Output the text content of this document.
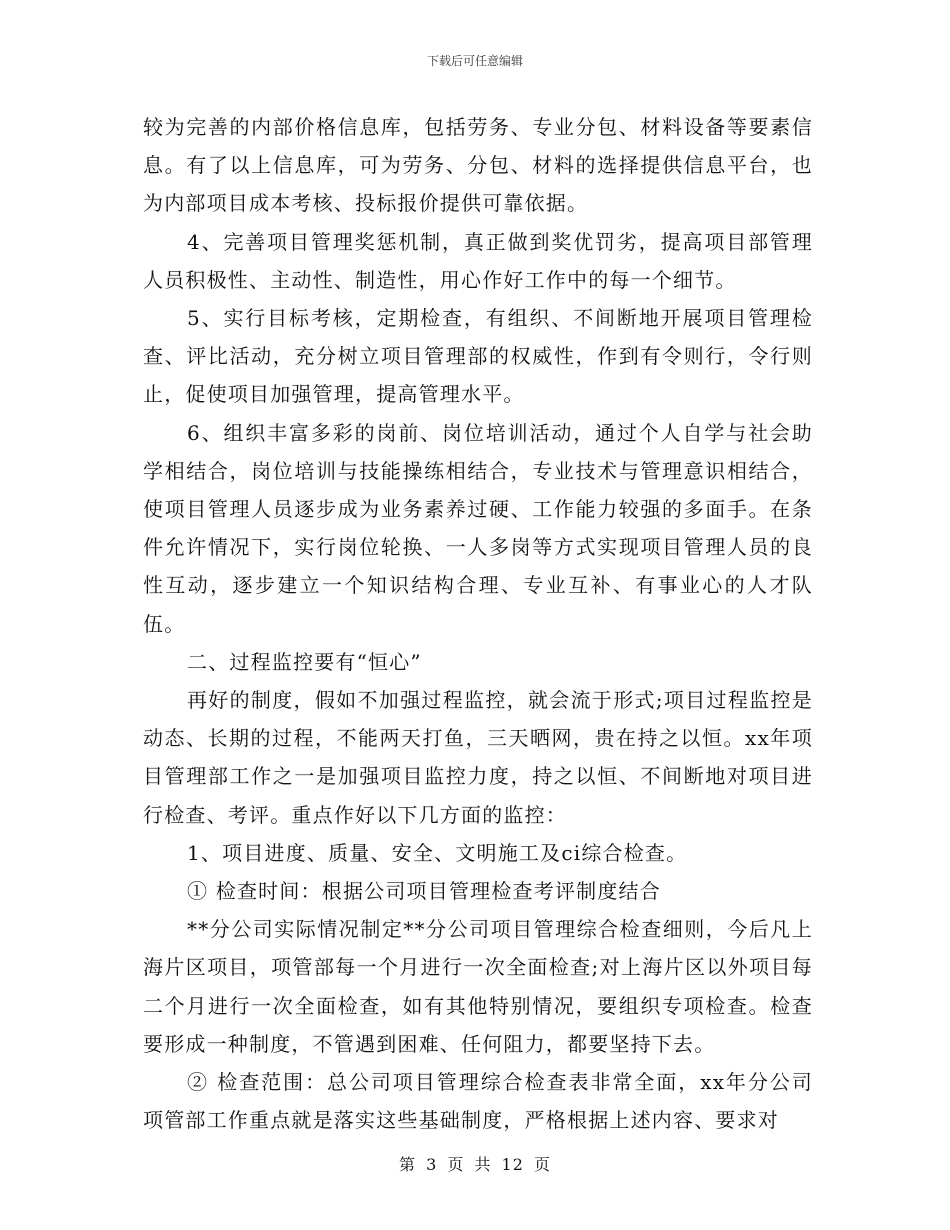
下载后可任意编辑

较为完善的内部价格信息库，包括劳务、专业分包、材料设备等要素信息。有了以上信息库，可为劳务、分包、材料的选择提供信息平台，也为内部项目成本考核、投标报价提供可靠依据。

4、完善项目管理奖惩机制，真正做到奖优罚劣，提高项目部管理人员积极性、主动性、制造性，用心作好工作中的每一个细节。

5、实行目标考核，定期检查，有组织、不间断地开展项目管理检查、评比活动，充分树立项目管理部的权威性，作到有令则行，令行则止，促使项目加强管理，提高管理水平。

6、组织丰富多彩的岗前、岗位培训活动，通过个人自学与社会助学相结合，岗位培训与技能操练相结合，专业技术与管理意识相结合，使项目管理人员逐步成为业务素养过硬、工作能力较强的多面手。在条件允许情况下，实行岗位轮换、一人多岗等方式实现项目管理人员的良性互动，逐步建立一个知识结构合理、专业互补、有事业心的人才队伍。

二、过程监控要有“恒心”

再好的制度，假如不加强过程监控，就会流于形式;项目过程监控是动态、长期的过程，不能两天打鱼，三天晒网，贵在持之以恒。xx年项目管理部工作之一是加强项目监控力度，持之以恒、不间断地对项目进行检查、考评。重点作好以下几方面的监控：

1、项目进度、质量、安全、文明施工及ci综合检查。

① 检查时间：根据公司项目管理检查考评制度结合

**分公司实际情况制定**分公司项目管理综合检查细则，今后凡上海片区项目，项管部每一个月进行一次全面检查;对上海片区以外项目每二个月进行一次全面检查，如有其他特别情况，要组织专项检查。检查要形成一种制度，不管遇到困难、任何阻力，都要坚持下去。

② 检查范围：总公司项目管理综合检查表非常全面，xx年分公司项管部工作重点就是落实这些基础制度，严格根据上述内容、要求对

第 3 页 共 12 页
